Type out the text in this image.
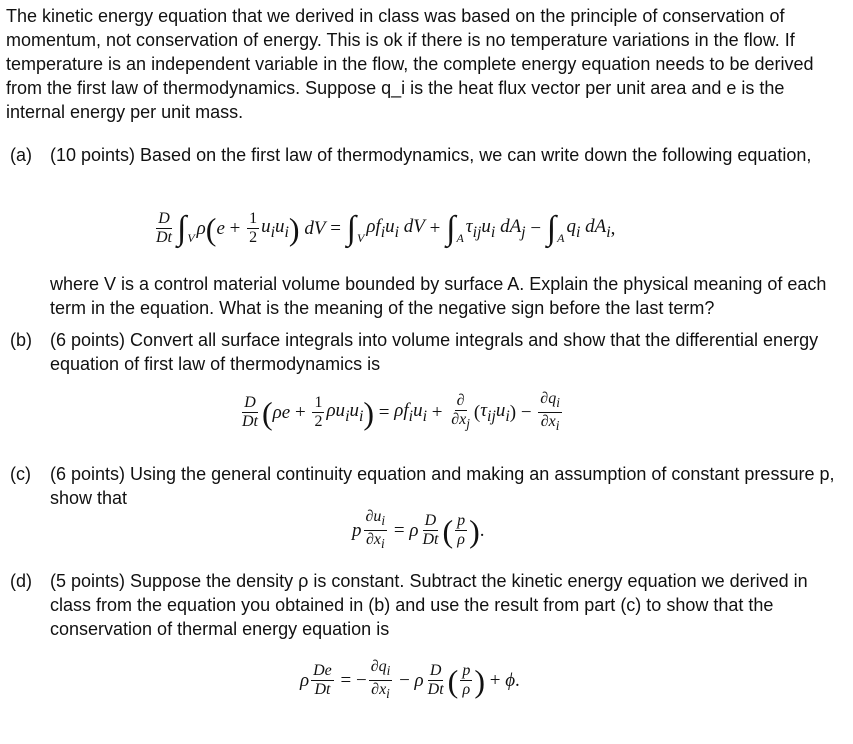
The kinetic energy equation that we derived in class was based on the principle of conservation of momentum, not conservation of energy. This is ok if there is no temperature variations in the flow. If temperature is an independent variable in the flow, the complete energy equation needs to be derived from the first law of thermodynamics. Suppose q_i is the heat flux vector per unit area and e is the internal energy per unit mass.

(a) (10 points) Based on the first law of thermodynamics, we can write down the following equation,
$\frac{D}{Dt}$ ∫ V ρ ( $e + \frac{1}{2} u_iu_i$ )
dV = ∫ V
$\rho f_iu_i$ dV + ∫ A
$\tau_{ij}u_i$ $dA_j$ − ∫ A
$q_i$ $dA_i$ ,
where V is a control material volume bounded by surface A. Explain the physical meaning of each term in the equation. What is the meaning of the negative sign before the last term?
(b) (6 points) Convert all surface integrals into volume integrals and show that the differential energy equation of first law of thermodynamics is
$\frac{D}{Dt}$ ( $\rho e + \frac{1}{2} \rho u_iu_i$ ) = $\rho f_iu_i + \frac{\partial}{\partial x_j}$ ( $\tau_{ij}u_i$ ) − $\frac{\partial q_i}{\partial x_i}$
(c) (6 points) Using the general continuity equation and making an assumption of constant pressure p, show that
p $\frac{\partial u_i}{\partial x_i} = \rho \frac{D}{Dt}$ ( $\frac{p}{\rho}$ ) .
(d) (5 points) Suppose the density ρ is constant. Subtract the kinetic energy equation we derived in class from the equation you obtained in (b) and use the result from part (c) to show that the conservation of thermal energy equation is
ρ $\frac{De}{Dt}$ = − $\frac{\partial q_i}{\partial x_i} - \rho \frac{D}{Dt}$ ( $\frac{p}{\rho}$ ) + ϕ .
